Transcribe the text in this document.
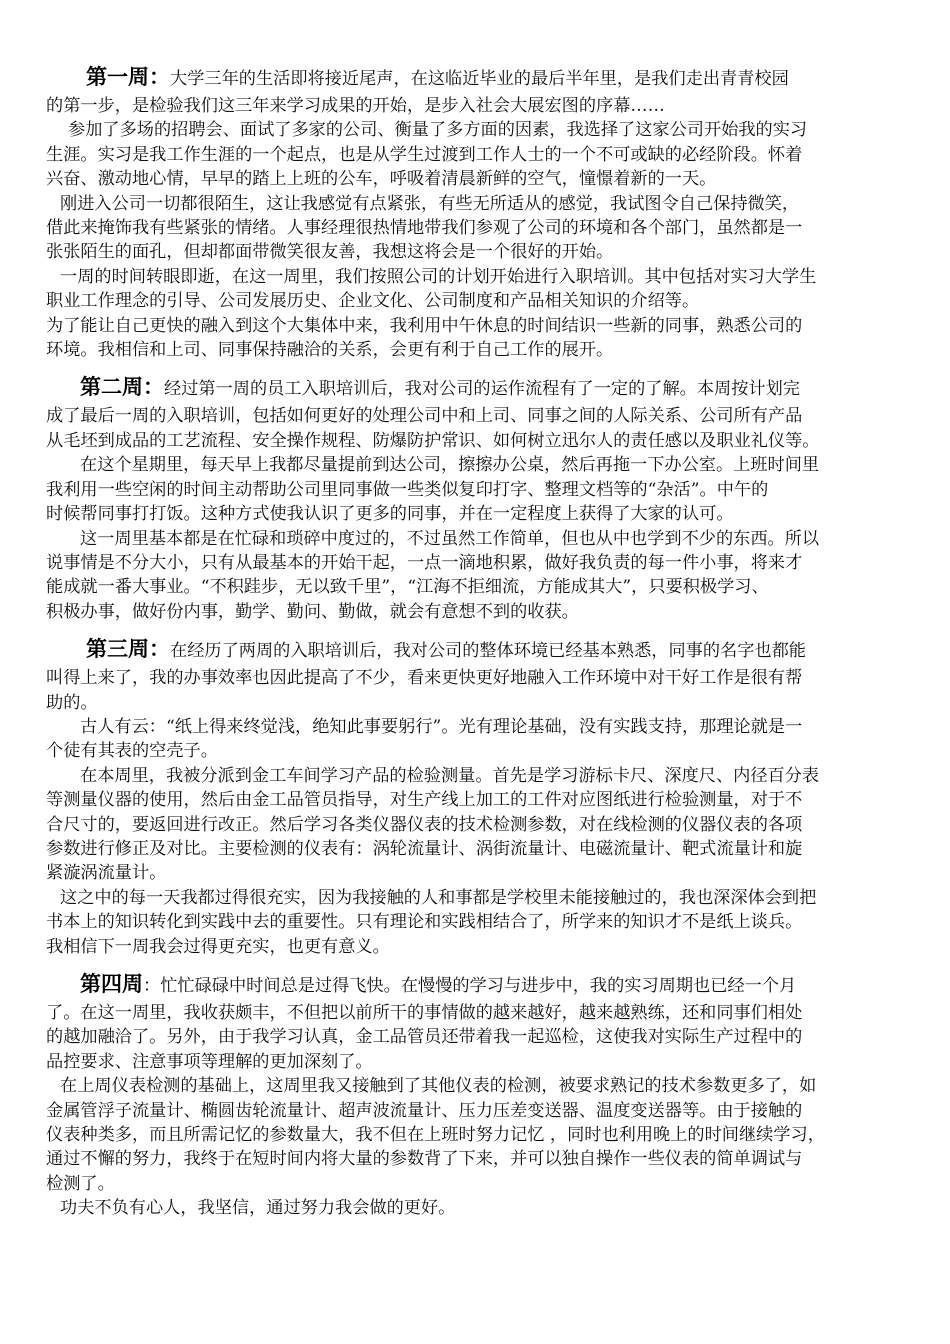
第一周：大学三年的生活即将接近尾声，在这临近毕业的最后半年里，是我们走出青青校园
的第一步，是检验我们这三年来学习成果的开始，是步入社会大展宏图的序幕……
参加了多场的招聘会、面试了多家的公司、衡量了多方面的因素，我选择了这家公司开始我的实习
生涯。实习是我工作生涯的一个起点，也是从学生过渡到工作人士的一个不可或缺的必经阶段。怀着
兴奋、激动地心情，早早的踏上上班的公车，呼吸着清晨新鲜的空气，憧憬着新的一天。
刚进入公司一切都很陌生，这让我感觉有点紧张，有些无所适从的感觉，我试图令自己保持微笑，
借此来掩饰我有些紧张的情绪。人事经理很热情地带我们参观了公司的环境和各个部门，虽然都是一
张张陌生的面孔，但却都面带微笑很友善，我想这将会是一个很好的开始。
一周的时间转眼即逝，在这一周里，我们按照公司的计划开始进行入职培训。其中包括对实习大学生
职业工作理念的引导、公司发展历史、企业文化、公司制度和产品相关知识的介绍等。
为了能让自己更快的融入到这个大集体中来，我利用中午休息的时间结识一些新的同事，熟悉公司的
环境。我相信和上司、同事保持融洽的关系，会更有利于自己工作的展开。
第二周：经过第一周的员工入职培训后，我对公司的运作流程有了一定的了解。本周按计划完
成了最后一周的入职培训，包括如何更好的处理公司中和上司、同事之间的人际关系、公司所有产品
从毛坯到成品的工艺流程、安全操作规程、防爆防护常识、如何树立迅尔人的责任感以及职业礼仪等。
在这个星期里，每天早上我都尽量提前到达公司，擦擦办公桌，然后再拖一下办公室。上班时间里
我利用一些空闲的时间主动帮助公司里同事做一些类似复印打字、整理文档等的“杂活”。中午的
时候帮同事打打饭。这种方式使我认识了更多的同事，并在一定程度上获得了大家的认可。
这一周里基本都是在忙碌和琐碎中度过的，不过虽然工作简单，但也从中也学到不少的东西。所以
说事情是不分大小，只有从最基本的开始干起，一点一滴地积累，做好我负责的每一件小事，将来才
能成就一番大事业。“不积跬步，无以致千里”，“江海不拒细流，方能成其大”，只要积极学习、
积极办事，做好份内事，勤学、勤问、勤做，就会有意想不到的收获。
第三周：在经历了两周的入职培训后，我对公司的整体环境已经基本熟悉，同事的名字也都能
叫得上来了，我的办事效率也因此提高了不少，看来更快更好地融入工作环境中对干好工作是很有帮
助的。
古人有云：“纸上得来终觉浅，绝知此事要躬行”。光有理论基础，没有实践支持，那理论就是一
个徒有其表的空壳子。
在本周里，我被分派到金工车间学习产品的检验测量。首先是学习游标卡尺、深度尺、内径百分表
等测量仪器的使用，然后由金工品管员指导，对生产线上加工的工件对应图纸进行检验测量，对于不
合尺寸的，要返回进行改正。然后学习各类仪器仪表的技术检测参数，对在线检测的仪器仪表的各项
参数进行修正及对比。主要检测的仪表有：涡轮流量计、涡街流量计、电磁流量计、靶式流量计和旋
紧漩涡流量计。
这之中的每一天我都过得很充实，因为我接触的人和事都是学校里未能接触过的，我也深深体会到把
书本上的知识转化到实践中去的重要性。只有理论和实践相结合了，所学来的知识才不是纸上谈兵。
我相信下一周我会过得更充实，也更有意义。
第四周：忙忙碌碌中时间总是过得飞快。在慢慢的学习与进步中，我的实习周期也已经一个月
了。在这一周里，我收获颇丰，不但把以前所干的事情做的越来越好，越来越熟练，还和同事们相处
的越加融洽了。另外，由于我学习认真，金工品管员还带着我一起巡检，这使我对实际生产过程中的
品控要求、注意事项等理解的更加深刻了。
在上周仪表检测的基础上，这周里我又接触到了其他仪表的检测，被要求熟记的技术参数更多了，如
金属管浮子流量计、椭圆齿轮流量计、超声波流量计、压力压差变送器、温度变送器等。由于接触的
仪表种类多，而且所需记忆的参数量大，我不但在上班时努力记忆 ，同时也利用晚上的时间继续学习，
通过不懈的努力，我终于在短时间内将大量的参数背了下来，并可以独自操作一些仪表的简单调试与
检测了。
功夫不负有心人，我坚信，通过努力我会做的更好。
